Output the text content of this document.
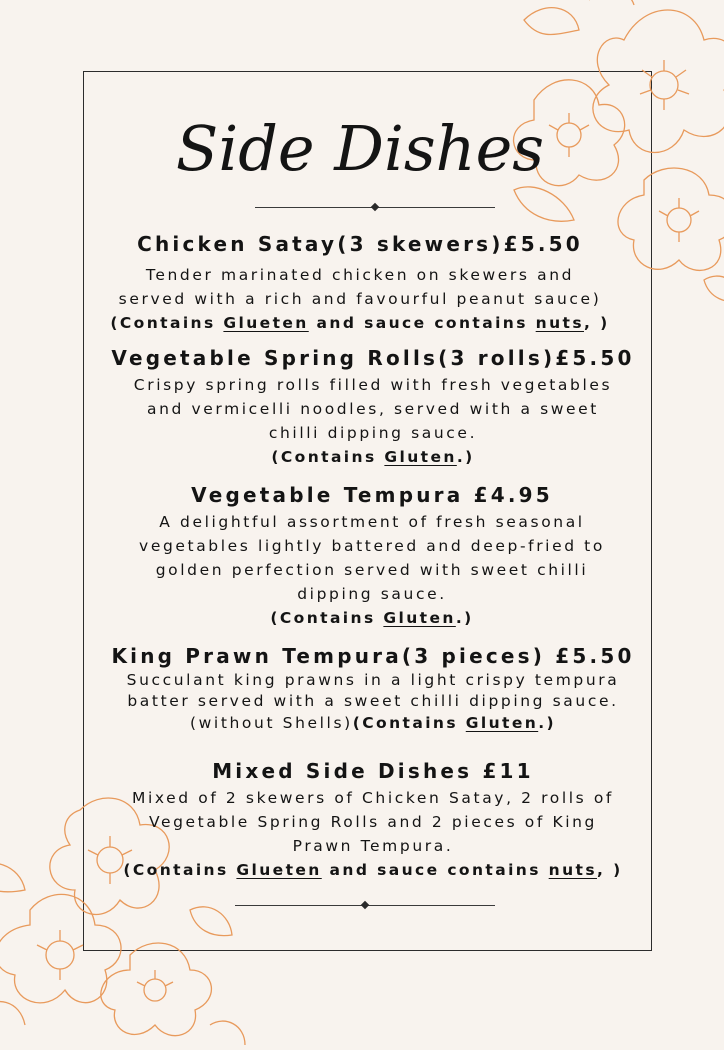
Side Dishes
Chicken Satay(3 skewers)£5.50

Tender marinated chicken on skewers and

served with a rich and favourful peanut sauce)

(Contains Glueten and sauce contains nuts, )

Vegetable Spring Rolls(3 rolls)£5.50

Crispy spring rolls filled with fresh vegetables

and vermicelli noodles, served with a sweet

chilli dipping sauce.

(Contains Gluten.)

Vegetable Tempura £4.95

A delightful assortment of fresh seasonal

vegetables lightly battered and deep-fried to

golden perfection served with sweet chilli

dipping sauce.

(Contains Gluten.)

King Prawn Tempura(3 pieces) £5.50

Succulant king prawns in a light crispy tempura

batter served with a sweet chilli dipping sauce.

(without Shells)(Contains Gluten.)

Mixed Side Dishes £11

Mixed of 2 skewers of Chicken Satay, 2 rolls of

Vegetable Spring Rolls and 2 pieces of King

Prawn Tempura.

(Contains Glueten and sauce contains nuts, )
